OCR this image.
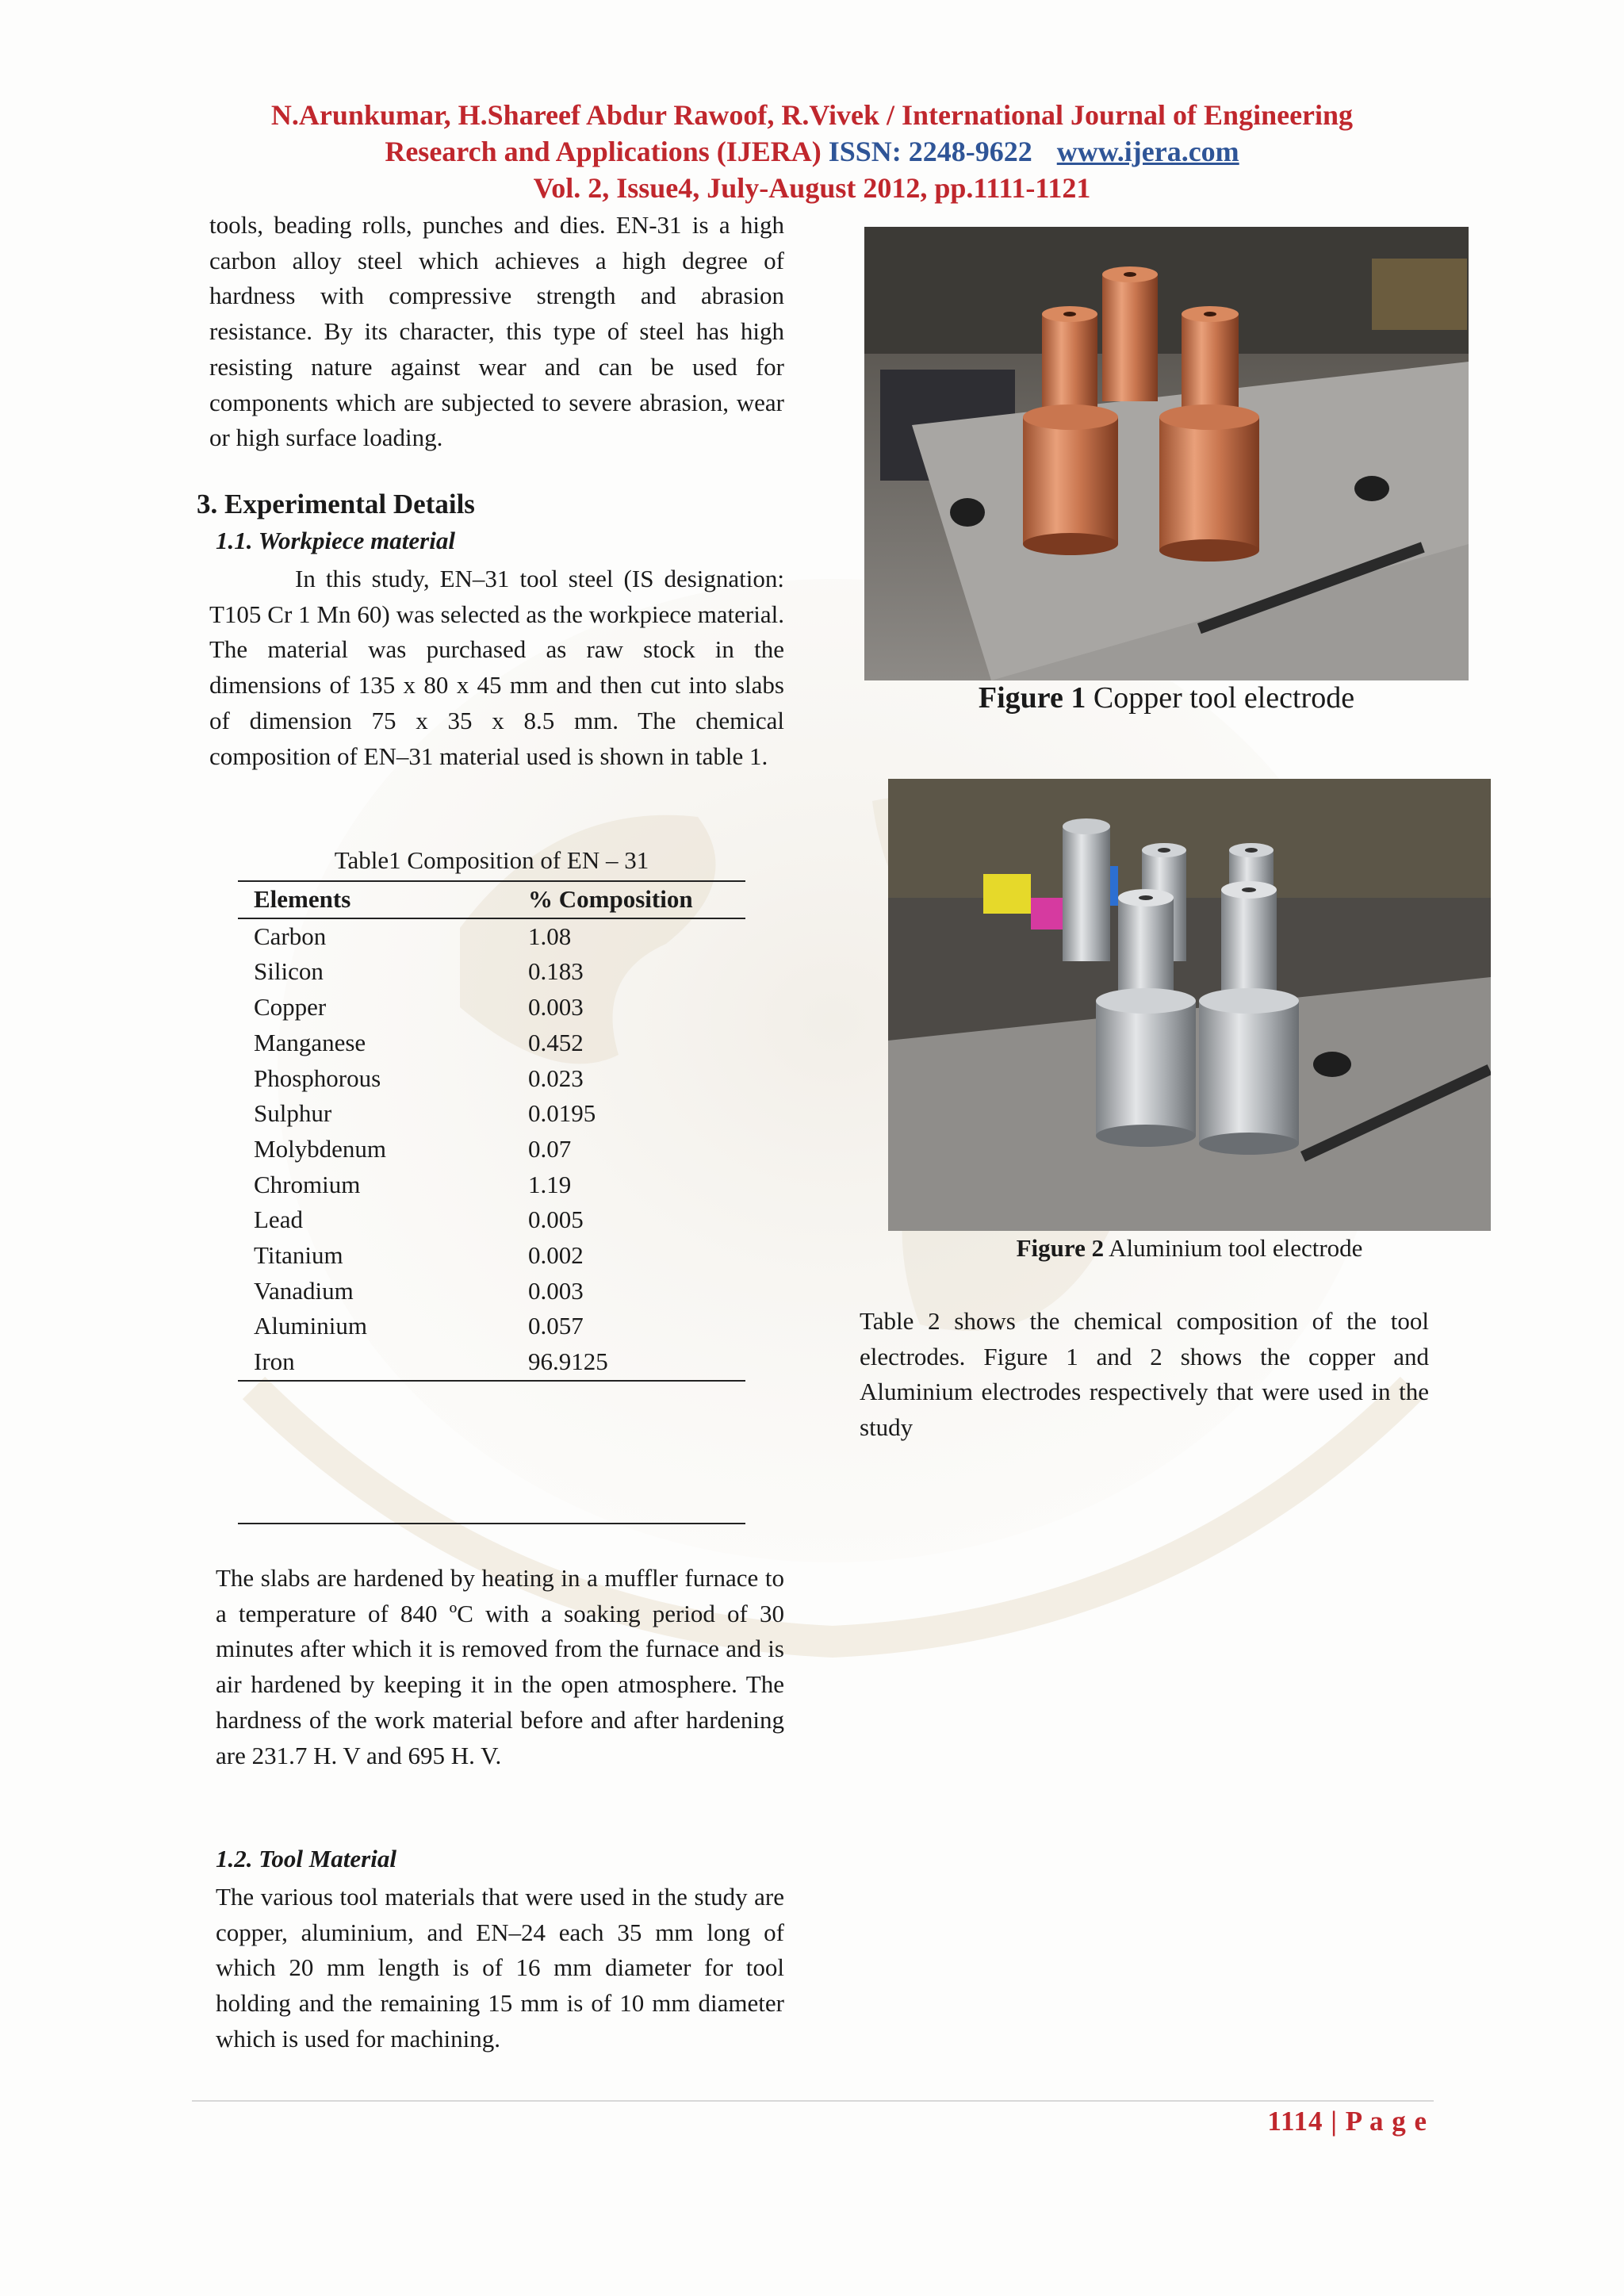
N.Arunkumar, H.Shareef Abdur Rawoof, R.Vivek / International Journal of Engineering
Research and Applications (IJERA) ISSN: 2248-9622 www.ijera.com
Vol. 2, Issue4, July-August 2012, pp.1111-1121

tools, beading rolls, punches and dies. EN-31 is a high carbon alloy steel which achieves a high degree of hardness with compressive strength and abrasion resistance. By its character, this type of steel has high resisting nature against wear and can be used for components which are subjected to severe abrasion, wear or high surface loading.

3. Experimental Details
1.1. Workpiece material

In this study, EN–31 tool steel (IS designation: T105 Cr 1 Mn 60) was selected as the workpiece material. The material was purchased as raw stock in the dimensions of 135 x 80 x 45 mm and then cut into slabs of dimension 75 x 35 x 8.5 mm. The chemical composition of EN–31 material used is shown in table 1.

Table1 Composition of EN – 31
Elements	% Composition
Carbon	1.08
Silicon	0.183
Copper	0.003
Manganese	0.452
Phosphorous	0.023
Sulphur	0.0195
Molybdenum	0.07
Chromium	1.19
Lead	0.005
Titanium	0.002
Vanadium	0.003
Aluminium	0.057
Iron	96.9125

The slabs are hardened by heating in a muffler furnace to a temperature of 840 ºC with a soaking period of 30 minutes after which it is removed from the furnace and is air hardened by keeping it in the open atmosphere. The hardness of the work material before and after hardening are 231.7 H. V and 695 H. V.

1.2. Tool Material

The various tool materials that were used in the study are copper, aluminium, and EN–24 each 35 mm long of which 20 mm length is of 16 mm diameter for tool holding and the remaining 15 mm is of 10 mm diameter which is used for machining.

Figure 1 Copper tool electrode
Figure 2 Aluminium tool electrode

Table 2 shows the chemical composition of the tool electrodes. Figure 1 and 2 shows the copper and Aluminium electrodes respectively that were used in the study

1114 | P a g e
